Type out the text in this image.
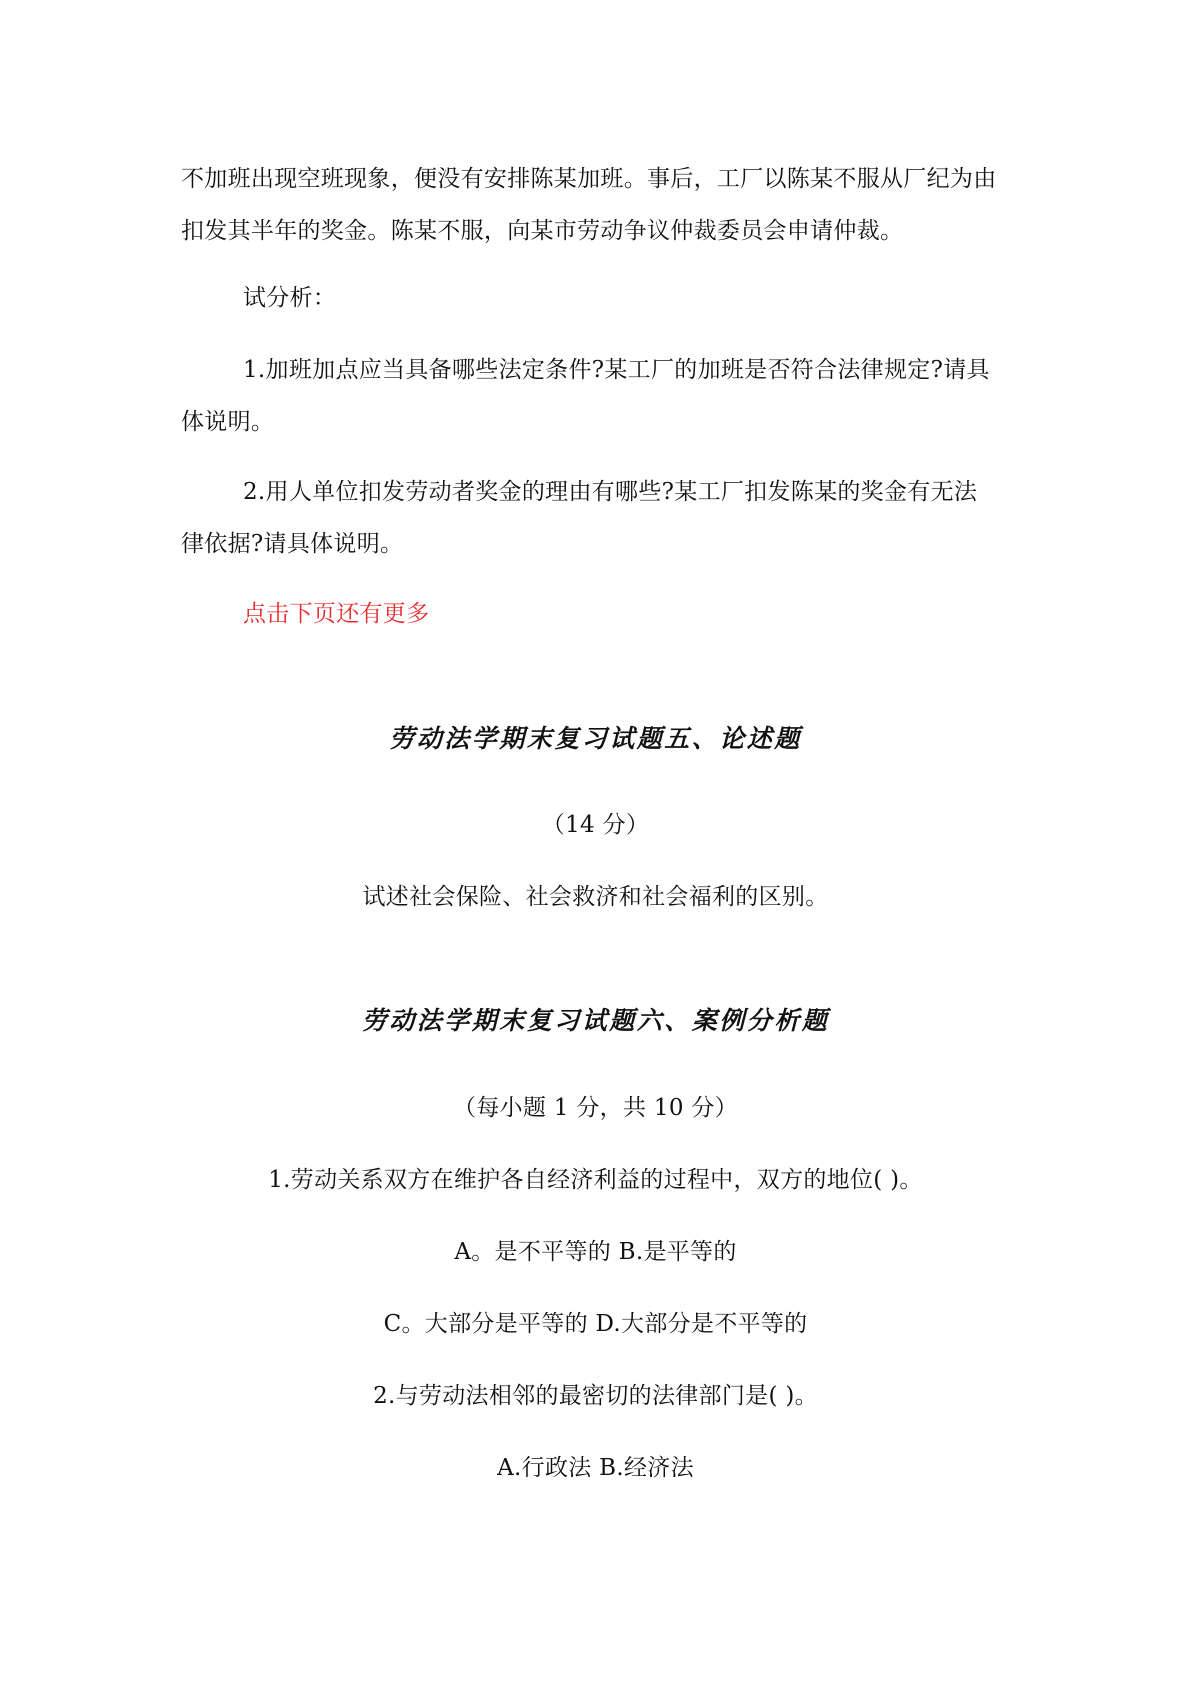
不加班出现空班现象，便没有安排陈某加班。事后，工厂以陈某不服从厂纪为由
扣发其半年的奖金。陈某不服，向某市劳动争议仲裁委员会申请仲裁。
试分析：
1.加班加点应当具备哪些法定条件?某工厂的加班是否符合法律规定?请具
体说明。
2.用人单位扣发劳动者奖金的理由有哪些?某工厂扣发陈某的奖金有无法
律依据?请具体说明。
点击下页还有更多
劳动法学期末复习试题五、论述题
（14 分）
试述社会保险、社会救济和社会福利的区别。
劳动法学期末复习试题六、案例分析题
（每小题 1 分，共 10 分）
1.劳动关系双方在维护各自经济利益的过程中，双方的地位( )。
A。是不平等的 B.是平等的
C。大部分是平等的 D.大部分是不平等的
2.与劳动法相邻的最密切的法律部门是( )。
A.行政法 B.经济法
